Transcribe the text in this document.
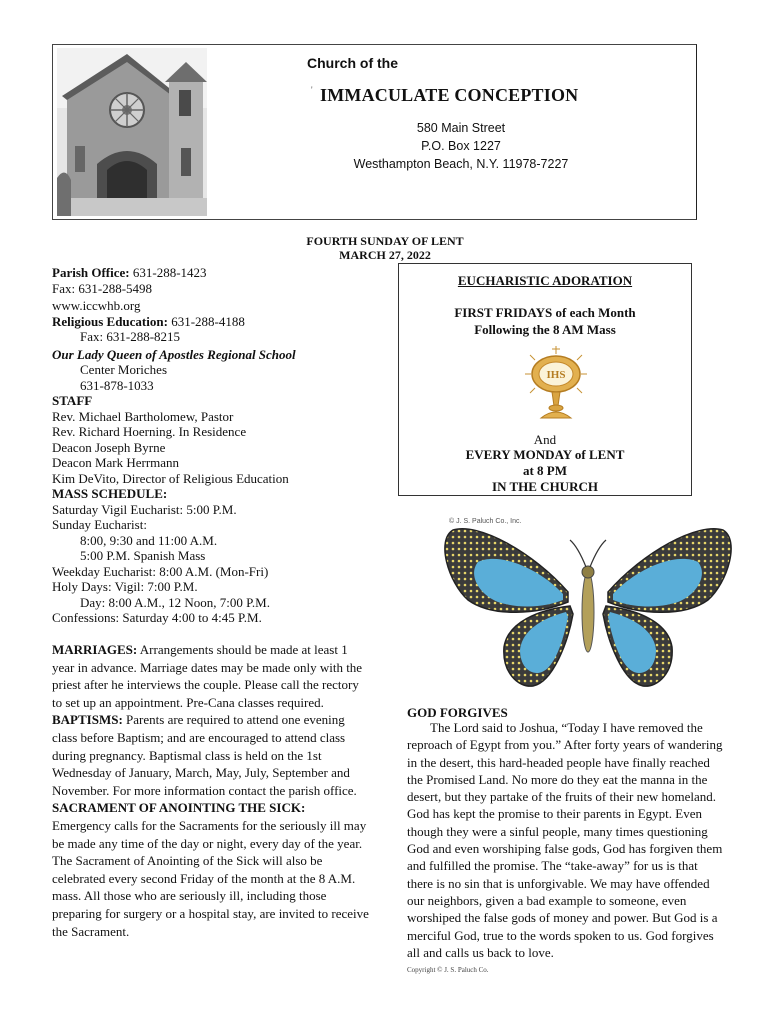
Church of the
' IMMACULATE CONCEPTION
580 Main Street
P.O. Box 1227
Westhampton Beach, N.Y. 11978-7227
FOURTH SUNDAY OF LENT
MARCH 27, 2022
Parish Office: 631-288-1423
Fax: 631-288-5498
www.iccwhb.org
Religious Education: 631-288-4188
Fax: 631-288-8215
Our Lady Queen of Apostles Regional School
Center Moriches
631-878-1033
STAFF
Rev. Michael Bartholomew, Pastor
Rev. Richard Hoerning. In Residence
Deacon Joseph Byrne
Deacon Mark Herrmann
Kim DeVito, Director of Religious Education
MASS SCHEDULE:
Saturday Vigil Eucharist: 5:00 P.M.
Sunday Eucharist:
8:00, 9:30 and 11:00 A.M.
5:00 P.M. Spanish Mass
Weekday Eucharist: 8:00 A.M. (Mon-Fri)
Holy Days: Vigil: 7:00 P.M.
Day: 8:00 A.M., 12 Noon, 7:00 P.M.
Confessions: Saturday 4:00 to 4:45 P.M.

MARRIAGES: Arrangements should be made at least 1 year in advance. Marriage dates may be made only with the priest after he interviews the couple. Please call the rectory to set up an appointment. Pre-Cana classes required.

BAPTISMS: Parents are required to attend one evening class before Baptism; and are encouraged to attend class during pregnancy. Baptismal class is held on the 1st Wednesday of January, March, May, July, September and November. For more information contact the parish office.

SACRAMENT OF ANOINTING THE SICK:

Emergency calls for the Sacraments for the seriously ill may be made any time of the day or night, every day of the year. The Sacrament of Anointing of the Sick will also be celebrated every second Friday of the month at the 8 A.M. mass. All those who are seriously ill, including those preparing for surgery or a hospital stay, are invited to receive the Sacrament.

EUCHARISTIC ADORATION
FIRST FRIDAYS of each Month
Following the 8 AM Mass
IHS
And
EVERY MONDAY of LENT
at 8 PM
IN THE CHURCH
© J. S. Paluch Co., Inc.
GOD FORGIVES

The Lord said to Joshua, “Today I have removed the reproach of Egypt from you.” After forty years of wandering in the desert, this hard-headed people have finally reached the Promised Land. No more do they eat the manna in the desert, but they partake of the fruits of their new homeland. God has kept the promise to their parents in Egypt. Even though they were a sinful people, many times questioning God and even worshiping false gods, God has forgiven them and fulfilled the promise. The “take-away” for us is that there is no sin that is unforgivable. We may have offended our neighbors, given a bad example to someone, even worshiped the false gods of money and power. But God is a merciful God, true to the words spoken to us. God forgives all and calls us back to love.

Copyright © J. S. Paluch Co.
